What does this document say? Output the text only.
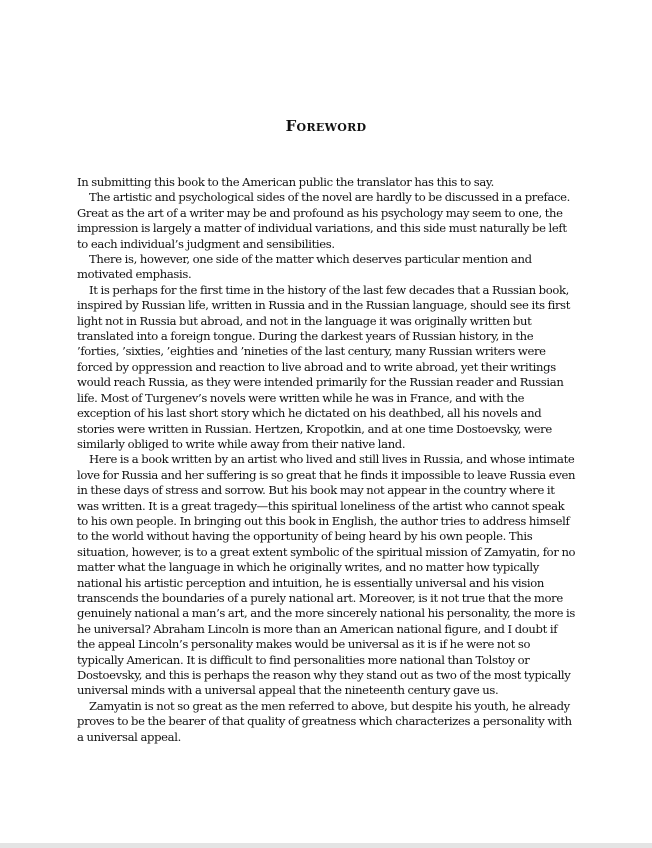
Foreword

In submitting this book to the American public the translator has this to say.

The artistic and psychological sides of the novel are hardly to be discussed in a preface. Great as the art of a writer may be and profound as his psychology may seem to one, the impression is largely a matter of individual variations, and this side must naturally be left to each individual’s judgment and sensibilities.

There is, however, one side of the matter which deserves particular mention and motivated emphasis.

It is perhaps for the first time in the history of the last few decades that a Russian book, inspired by Russian life, written in Russia and in the Russian language, should see its first light not in Russia but abroad, and not in the language it was originally written but translated into a foreign tongue. During the darkest years of Russian history, in the ’forties, ’sixties, ’eighties and ’nineties of the last century, many Russian writers were forced by oppression and reaction to live abroad and to write abroad, yet their writings would reach Russia, as they were intended primarily for the Russian reader and Russian life. Most of Turgenev’s novels were written while he was in France, and with the exception of his last short story which he dictated on his deathbed, all his novels and stories were written in Russian. Hertzen, Kropotkin, and at one time Dostoevsky, were similarly obliged to write while away from their native land.

Here is a book written by an artist who lived and still lives in Russia, and whose intimate love for Russia and her suffering is so great that he finds it impossible to leave Russia even in these days of stress and sorrow. But his book may not appear in the country where it was written. It is a great tragedy—this spiritual loneliness of the artist who cannot speak to his own people. In bringing out this book in English, the author tries to address himself to the world without having the opportunity of being heard by his own people. This situation, however, is to a great extent symbolic of the spiritual mission of Zamyatin, for no matter what the language in which he originally writes, and no matter how typically national his artistic perception and intuition, he is essentially universal and his vision transcends the boundaries of a purely national art. Moreover, is it not true that the more genuinely national a man’s art, and the more sincerely national his personality, the more is he universal? Abraham Lincoln is more than an American national figure, and I doubt if the appeal Lincoln’s personality makes would be universal as it is if he were not so typically American. It is difficult to find personalities more national than Tolstoy or Dostoevsky, and this is perhaps the reason why they stand out as two of the most typically universal minds with a universal appeal that the nineteenth century gave us.

Zamyatin is not so great as the men referred to above, but despite his youth, he already proves to be the bearer of that quality of greatness which characterizes a personality with a universal appeal.
